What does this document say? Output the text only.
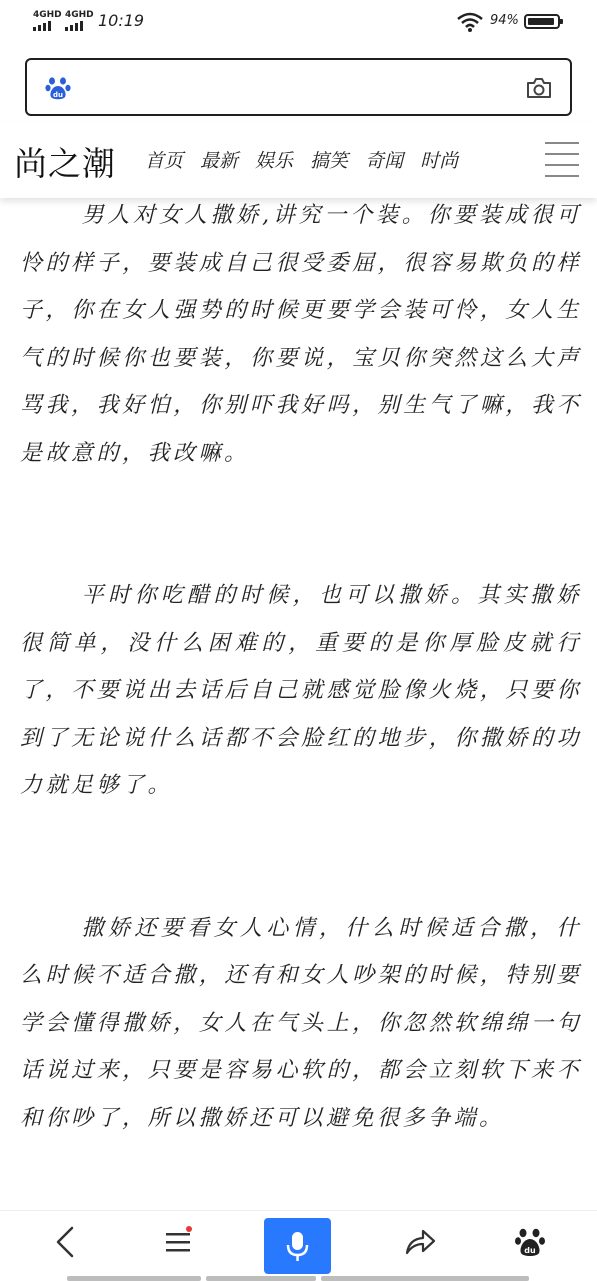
4GHD 4GHD 10:19	94%
du
尚之潮 首页 最新 娱乐 搞笑 奇闻 时尚

男人对女人撒娇,讲究一个装。你要装成很可怜的样子，要装成自己很受委屈，很容易欺负的样子，你在女人强势的时候更要学会装可怜，女人生气的时候你也要装，你要说，宝贝你突然这么大声骂我，我好怕，你别吓我好吗，别生气了嘛，我不是故意的，我改嘛。

平时你吃醋的时候，也可以撒娇。其实撒娇很简单，没什么困难的，重要的是你厚脸皮就行了，不要说出去话后自己就感觉脸像火烧，只要你到了无论说什么话都不会脸红的地步，你撒娇的功力就足够了。

撒娇还要看女人心情，什么时候适合撒，什么时候不适合撒，还有和女人吵架的时候，特别要学会懂得撒娇，女人在气头上，你忽然软绵绵一句话说过来，只要是容易心软的，都会立刻软下来不和你吵了，所以撒娇还可以避免很多争端。

du
